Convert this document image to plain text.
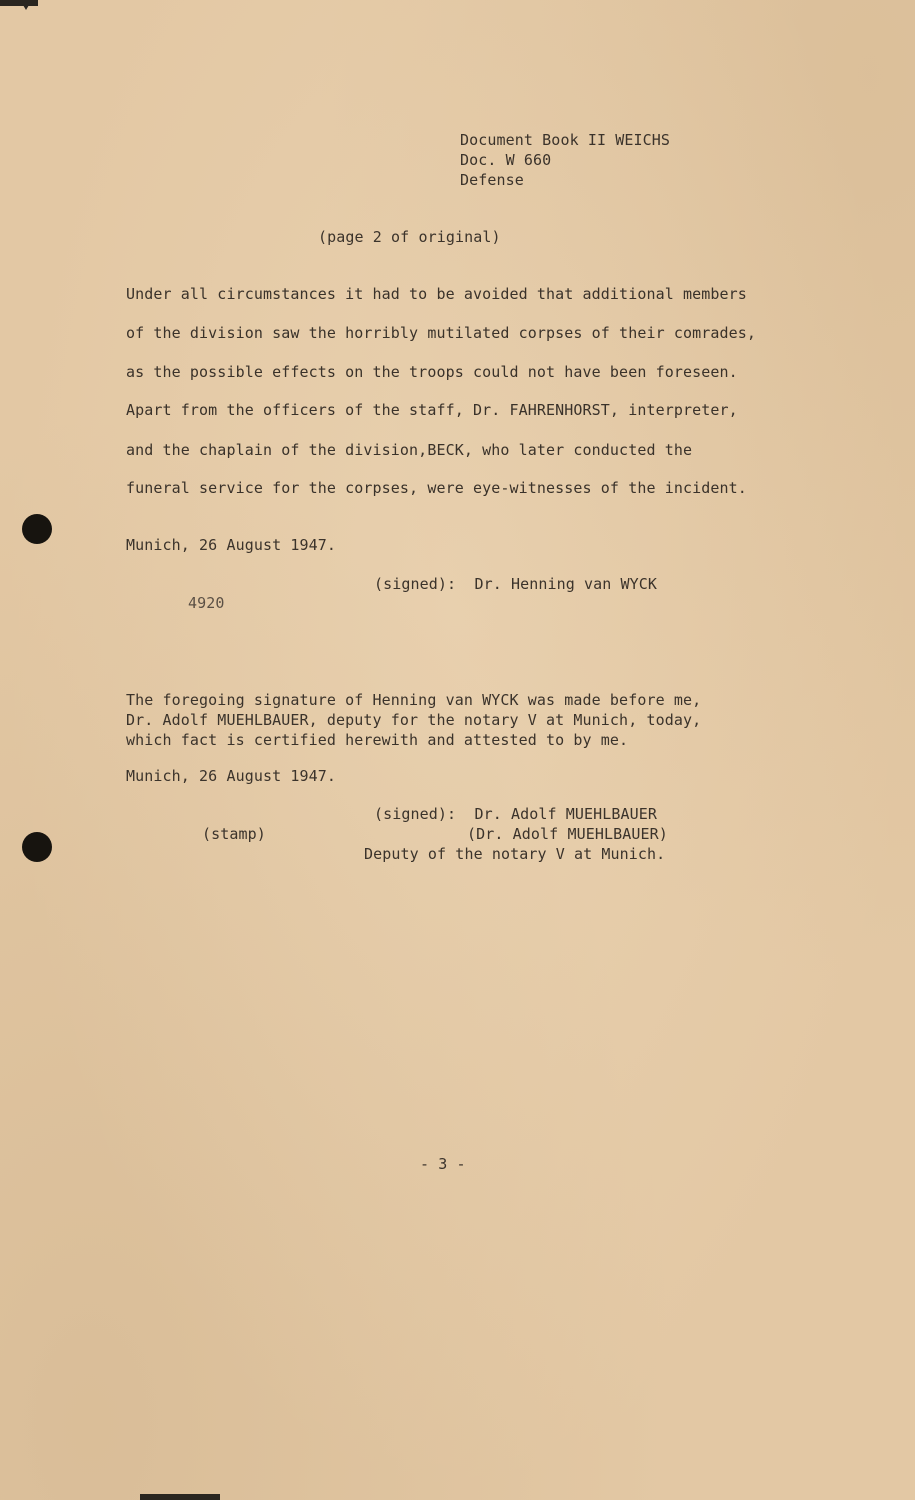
Document Book II WEICHS
Doc. W 660
Defense
(page 2 of original)
Under all circumstances it had to be avoided that additional members
of the division saw the horribly mutilated corpses of their comrades,
as the possible effects on the troops could not have been foreseen.
Apart from the officers of the staff, Dr. FAHRENHORST, interpreter,
and the chaplain of the division,BECK, who later conducted the
funeral service for the corpses, were eye-witnesses of the incident.
Munich, 26 August 1947.
(signed):  Dr. Henning van WYCK
4920
The foregoing signature of Henning van WYCK was made before me,
Dr. Adolf MUEHLBAUER, deputy for the notary V at Munich, today,
which fact is certified herewith and attested to by me.
Munich, 26 August 1947.
(signed):  Dr. Adolf MUEHLBAUER
(stamp)	(Dr. Adolf MUEHLBAUER)
Deputy of the notary V at Munich.
- 3 -
